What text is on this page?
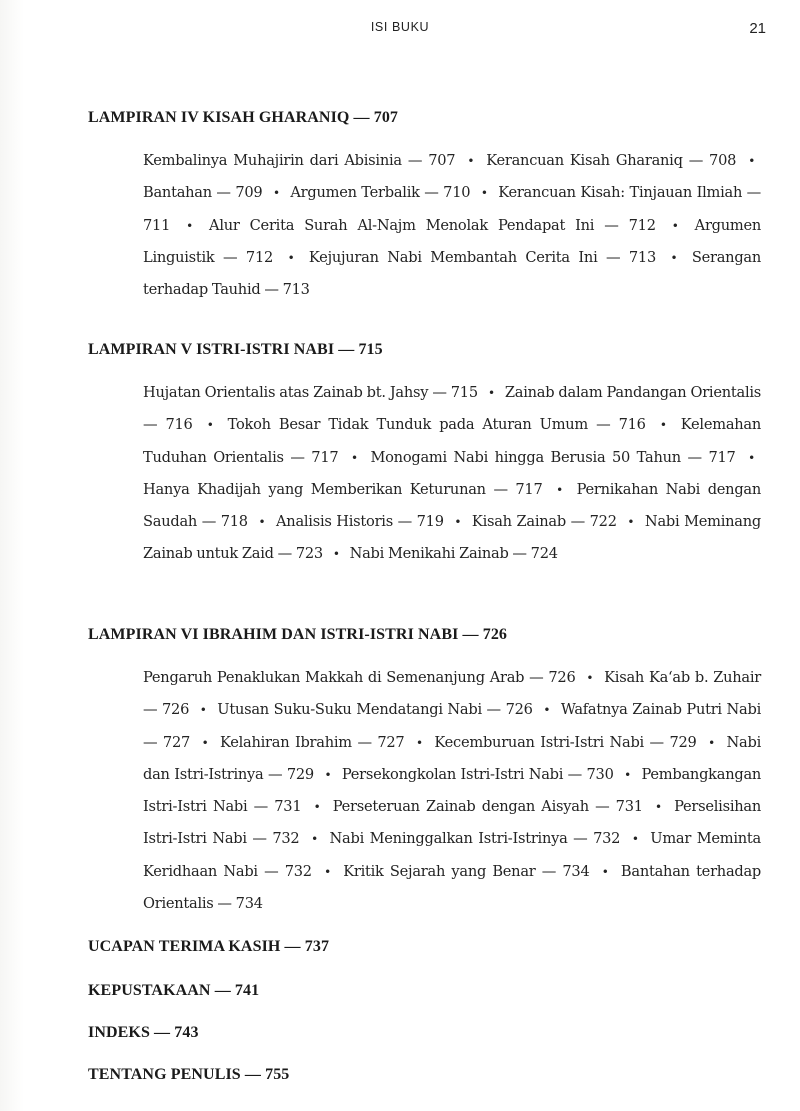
ISI BUKU	21
LAMPIRAN IV KISAH GHARANIQ — 707
Kembalinya Muhajirin dari Abisinia — 707 • Kerancuan Kisah Gharaniq — 708 • Bantahan — 709 • Argumen Terbalik — 710 • Kerancuan Kisah: Tinjauan Ilmiah — 711 • Alur Cerita Surah Al-Najm Menolak Pendapat Ini — 712 • Argumen Linguistik — 712 • Kejujuran Nabi Membantah Cerita Ini — 713 • Serangan terhadap Tauhid — 713
LAMPIRAN V ISTRI-ISTRI NABI — 715
Hujatan Orientalis atas Zainab bt. Jahsy — 715 • Zainab dalam Pandangan Orientalis — 716 • Tokoh Besar Tidak Tunduk pada Aturan Umum — 716 • Kelemahan Tuduhan Orientalis — 717 • Monogami Nabi hingga Berusia 50 Tahun — 717 • Hanya Khadijah yang Memberikan Keturunan — 717 • Pernikahan Nabi dengan Saudah — 718 • Analisis Historis — 719 • Kisah Zainab — 722 • Nabi Meminang Zainab untuk Zaid — 723 • Nabi Menikahi Zainab — 724
LAMPIRAN VI IBRAHIM DAN ISTRI-ISTRI NABI — 726
Pengaruh Penaklukan Makkah di Semenanjung Arab — 726 • Kisah Ka‘ab b. Zuhair — 726 • Utusan Suku-Suku Mendatangi Nabi — 726 • Wafatnya Zainab Putri Nabi — 727 • Kelahiran Ibrahim — 727 • Kecemburuan Istri-Istri Nabi — 729 • Nabi dan Istri-Istrinya — 729 • Persekongkolan Istri-Istri Nabi — 730 • Pembangkangan Istri-Istri Nabi — 731 • Perseteruan Zainab dengan Aisyah — 731 • Perselisihan Istri-Istri Nabi — 732 • Nabi Meninggalkan Istri-Istrinya — 732 • Umar Meminta Keridhaan Nabi — 732 • Kritik Sejarah yang Benar — 734 • Bantahan terhadap Orientalis — 734
UCAPAN TERIMA KASIH — 737
KEPUSTAKAAN — 741
INDEKS — 743
TENTANG PENULIS — 755
